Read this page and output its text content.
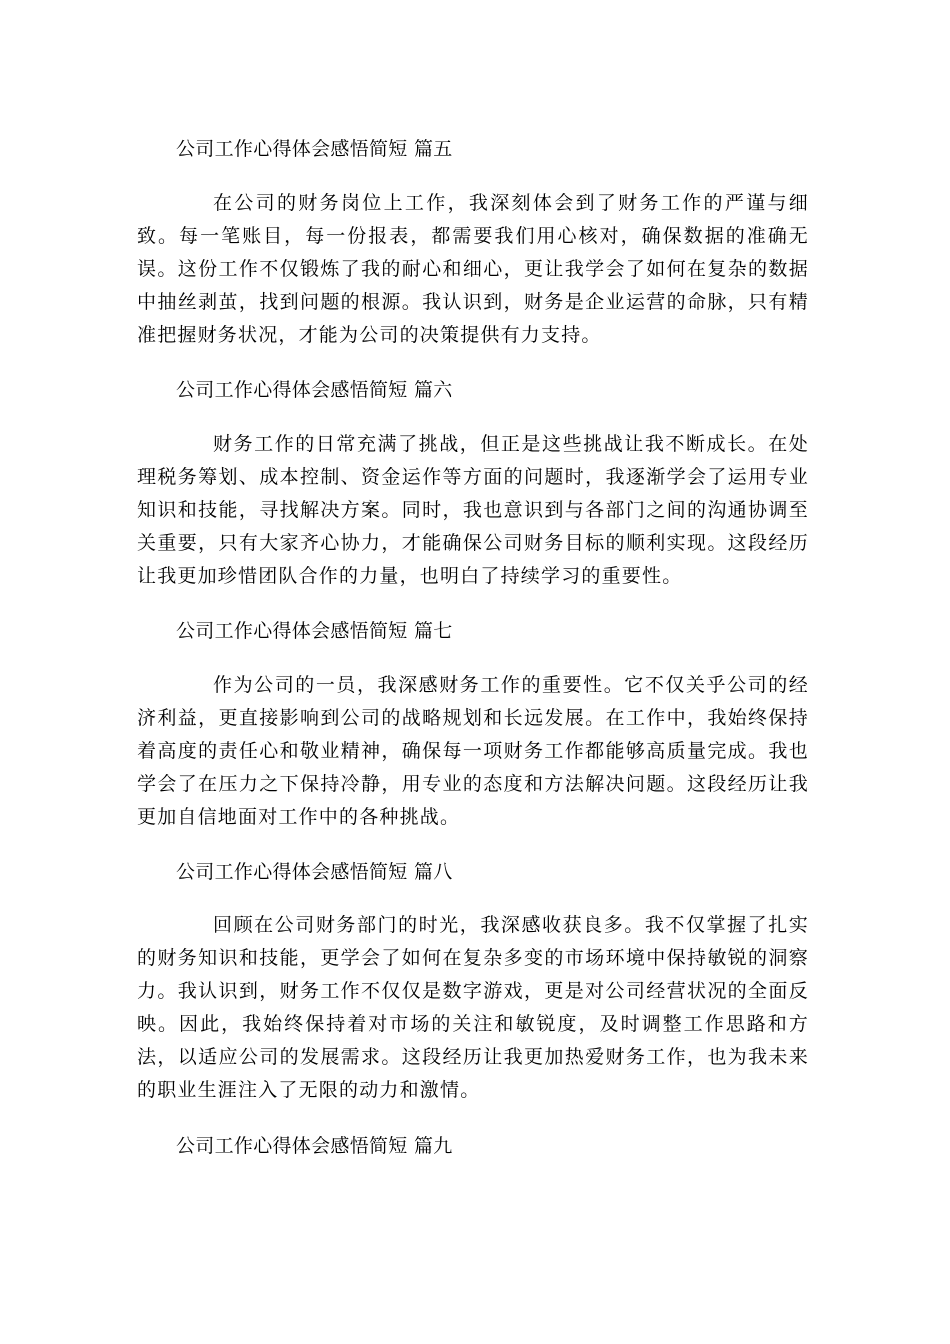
公司工作心得体会感悟简短 篇五

在公司的财务岗位上工作，我深刻体会到了财务工作的严谨与细致。每一笔账目，每一份报表，都需要我们用心核对，确保数据的准确无误。这份工作不仅锻炼了我的耐心和细心，更让我学会了如何在复杂的数据中抽丝剥茧，找到问题的根源。我认识到，财务是企业运营的命脉，只有精准把握财务状况，才能为公司的决策提供有力支持。

公司工作心得体会感悟简短 篇六

财务工作的日常充满了挑战，但正是这些挑战让我不断成长。在处理税务筹划、成本控制、资金运作等方面的问题时，我逐渐学会了运用专业知识和技能，寻找解决方案。同时，我也意识到与各部门之间的沟通协调至关重要，只有大家齐心协力，才能确保公司财务目标的顺利实现。这段经历让我更加珍惜团队合作的力量，也明白了持续学习的重要性。

公司工作心得体会感悟简短 篇七

作为公司的一员，我深感财务工作的重要性。它不仅关乎公司的经济利益，更直接影响到公司的战略规划和长远发展。在工作中，我始终保持着高度的责任心和敬业精神，确保每一项财务工作都能够高质量完成。我也学会了在压力之下保持冷静，用专业的态度和方法解决问题。这段经历让我更加自信地面对工作中的各种挑战。

公司工作心得体会感悟简短 篇八

回顾在公司财务部门的时光，我深感收获良多。我不仅掌握了扎实的财务知识和技能，更学会了如何在复杂多变的市场环境中保持敏锐的洞察力。我认识到，财务工作不仅仅是数字游戏，更是对公司经营状况的全面反映。因此，我始终保持着对市场的关注和敏锐度，及时调整工作思路和方法，以适应公司的发展需求。这段经历让我更加热爱财务工作，也为我未来的职业生涯注入了无限的动力和激情。

公司工作心得体会感悟简短 篇九
